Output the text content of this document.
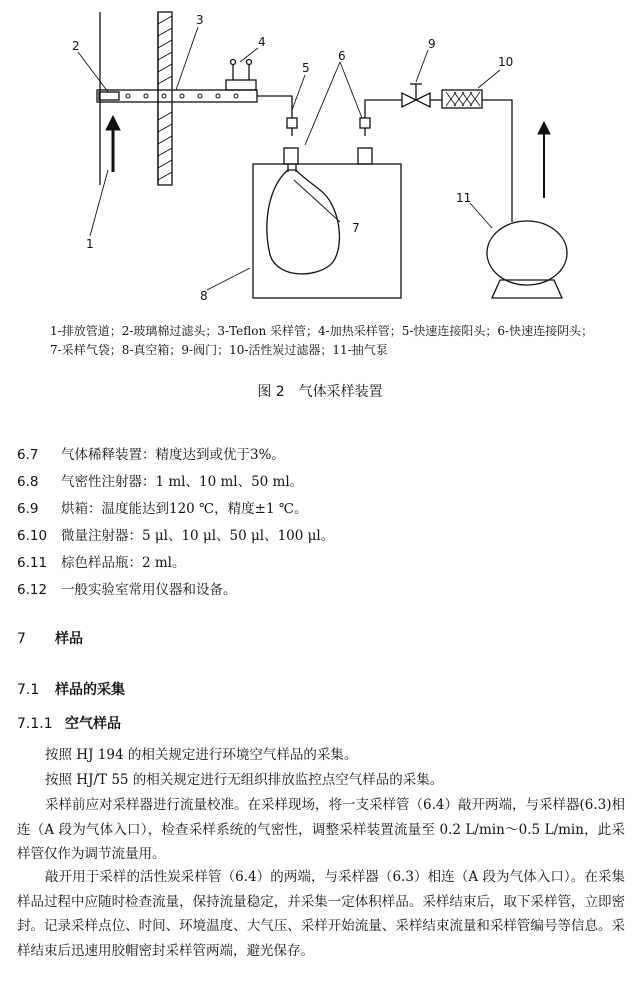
2
3
4
5
6
9
10
11
7
8
1
1-排放管道；2-玻璃棉过滤头；3-Teflon 采样管；4-加热采样管；5-快速连接阳头；6-快速连接阴头；
7-采样气袋；8-真空箱；9-阀门；10-活性炭过滤器；11-抽气泵
图 2 气体采样装置
6.7 气体稀释装置：精度达到或优于3%。
6.8 气密性注射器：1 ml、10 ml、50 ml。
6.9 烘箱：温度能达到120 ℃，精度±1 ℃。
6.10 微量注射器：5 μl、10 μl、50 μl、100 μl。
6.11 棕色样品瓶：2 ml。
6.12 一般实验室常用仪器和设备。
7 样品
7.1 样品的采集
7.1.1 空气样品
按照 HJ 194 的相关规定进行环境空气样品的采集。
按照 HJ/T 55 的相关规定进行无组织排放监控点空气样品的采集。
采样前应对采样器进行流量校准。在采样现场，将一支采样管（6.4）敲开两端，与采样器(6.3)相连（A 段为气体入口），检查采样系统的气密性，调整采样装置流量至 0.2 L/min～0.5 L/min，此采样管仅作为调节流量用。
敲开用于采样的活性炭采样管（6.4）的两端，与采样器（6.3）相连（A 段为气体入口）。在采集样品过程中应随时检查流量，保持流量稳定，并采集一定体积样品。采样结束后，取下采样管，立即密封。记录采样点位、时间、环境温度、大气压、采样开始流量、采样结束流量和采样管编号等信息。采样结束后迅速用胶帽密封采样管两端，避光保存。
